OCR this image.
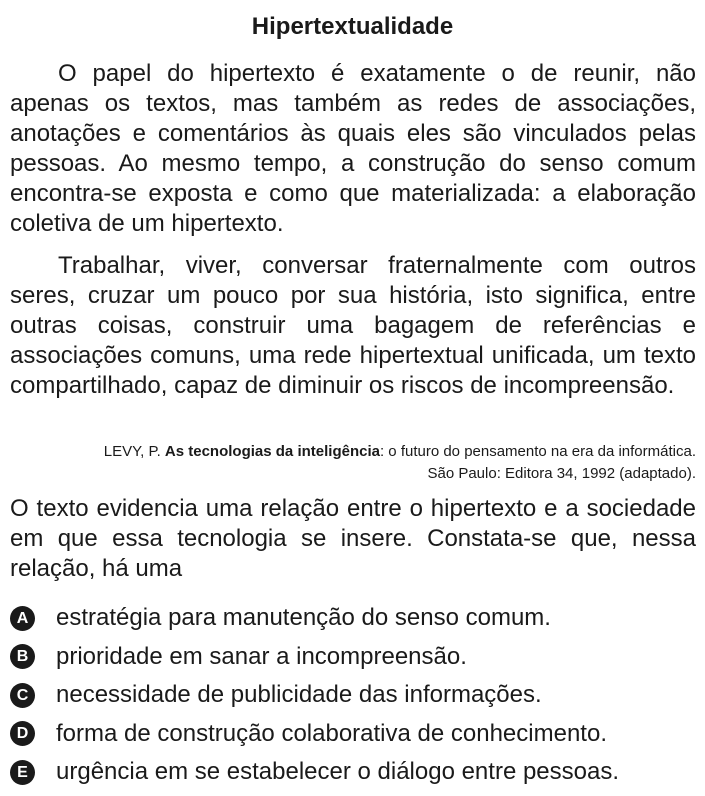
Hipertextualidade

O papel do hipertexto é exatamente o de reunir, não apenas os textos, mas também as redes de associações, anotações e comentários às quais eles são vinculados pelas pessoas. Ao mesmo tempo, a construção do senso comum encontra-se exposta e como que materializada: a elaboração coletiva de um hipertexto.

Trabalhar, viver, conversar fraternalmente com outros seres, cruzar um pouco por sua história, isto significa, entre outras coisas, construir uma bagagem de referências e associações comuns, uma rede hipertextual unificada, um texto compartilhado, capaz de diminuir os riscos de incompreensão.

LEVY, P. As tecnologias da inteligência: o futuro do pensamento na era da informática.
São Paulo: Editora 34, 1992 (adaptado).

O texto evidencia uma relação entre o hipertexto e a sociedade em que essa tecnologia se insere. Constata-se que, nessa relação, há uma

A estratégia para manutenção do senso comum.
B prioridade em sanar a incompreensão.
C necessidade de publicidade das informações.
D forma de construção colaborativa de conhecimento.
E urgência em se estabelecer o diálogo entre pessoas.
